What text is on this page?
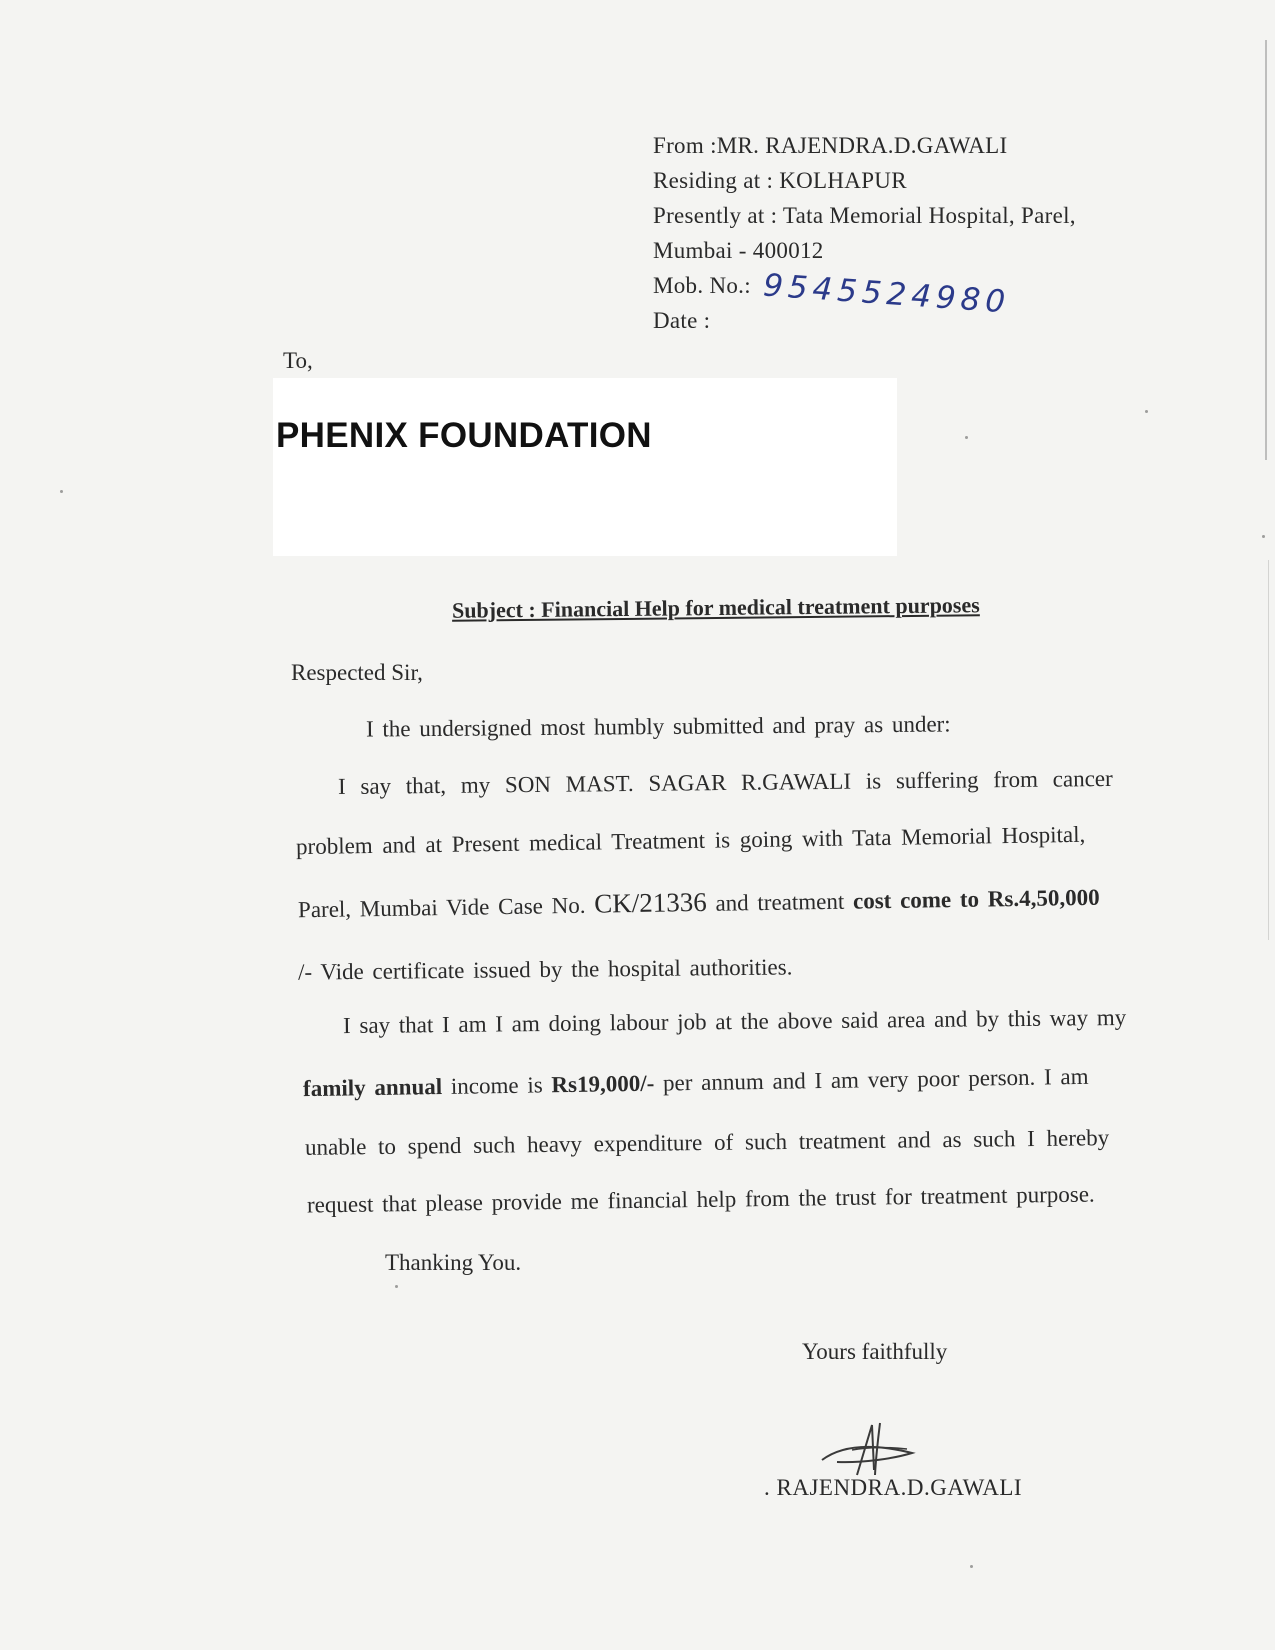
From :MR. RAJENDRA.D.GAWALI
Residing at : KOLHAPUR
Presently at : Tata Memorial Hospital, Parel,
Mumbai - 400012
Mob. No.:
Date :	9545524980
To,
PHENIX FOUNDATION
Subject : Financial Help for medical treatment purposes
Respected Sir,
I the undersigned most humbly submitted and pray as under:
I say that, my SON MAST. SAGAR R.GAWALI is suffering from cancer
problem and at Present medical Treatment is going with Tata Memorial Hospital,
Parel, Mumbai Vide Case No. CK/21336 and treatment cost come to Rs.4,50,000
/- Vide certificate issued by the hospital authorities.
I say that I am I am doing labour job at the above said area and by this way my
family annual income is Rs19,000/- per annum and I am very poor person. I am
unable to spend such heavy expenditure of such treatment and as such I hereby
request that please provide me financial help from the trust for treatment purpose.
Thanking You.
Yours faithfully
. RAJENDRA.D.GAWALI
